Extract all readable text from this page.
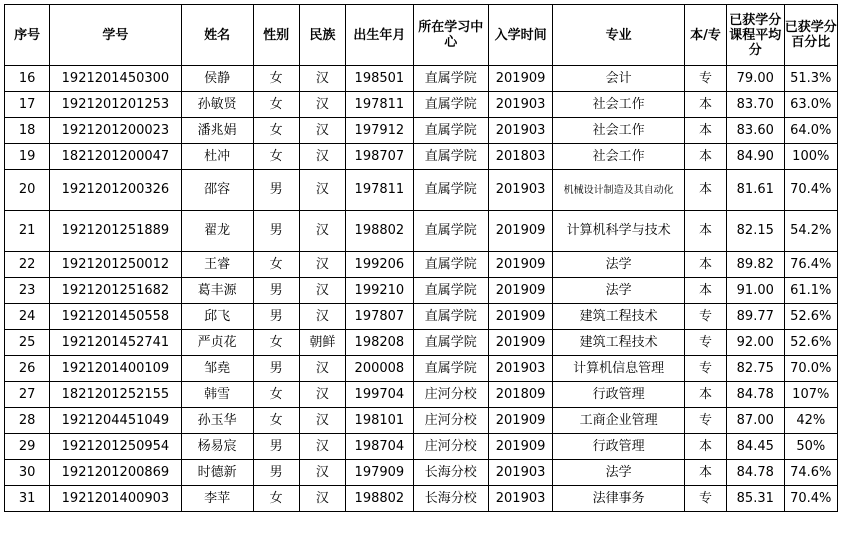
序号	学号	姓名	性别	民族	出生年月	所在学习中心	入学时间	专业	本/专	已获学分课程平均分	已获学分百分比
16	1921201450300	侯静	女	汉	198501	直属学院	201909	会计	专	79.00	51.3%
17	1921201201253	孙敏贤	女	汉	197811	直属学院	201903	社会工作	本	83.70	63.0%
18	1921201200023	潘兆娟	女	汉	197912	直属学院	201903	社会工作	本	83.60	64.0%
19	1821201200047	杜冲	女	汉	198707	直属学院	201803	社会工作	本	84.90	100%
20	1921201200326	邵容	男	汉	197811	直属学院	201903	机械设计制造及其自动化	本	81.61	70.4%
21	1921201251889	翟龙	男	汉	198802	直属学院	201909	计算机科学与技术	本	82.15	54.2%
22	1921201250012	王睿	女	汉	199206	直属学院	201909	法学	本	89.82	76.4%
23	1921201251682	葛丰源	男	汉	199210	直属学院	201909	法学	本	91.00	61.1%
24	1921201450558	邱飞	男	汉	197807	直属学院	201909	建筑工程技术	专	89.77	52.6%
25	1921201452741	严贞花	女	朝鲜	198208	直属学院	201909	建筑工程技术	专	92.00	52.6%
26	1921201400109	邹堯	男	汉	200008	直属学院	201903	计算机信息管理	专	82.75	70.0%
27	1821201252155	韩雪	女	汉	199704	庄河分校	201809	行政管理	本	84.78	107%
28	1921204451049	孙玉华	女	汉	198101	庄河分校	201909	工商企业管理	专	87.00	42%
29	1921201250954	杨易宸	男	汉	198704	庄河分校	201909	行政管理	本	84.45	50%
30	1921201200869	时德新	男	汉	197909	长海分校	201903	法学	本	84.78	74.6%
31	1921201400903	李苹	女	汉	198802	长海分校	201903	法律事务	专	85.31	70.4%
